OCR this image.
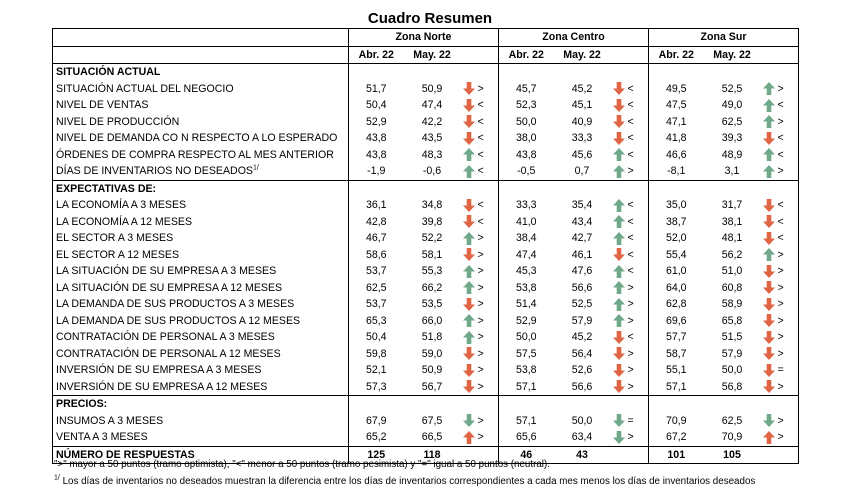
Cuadro Resumen
	Zona Norte				Zona Centro				Zona Sur			
	Abr. 22	May. 22			Abr. 22	May. 22			Abr. 22	May. 22		
SITUACIÓN ACTUAL												
SITUACIÓN ACTUAL DEL NEGOCIO	51,7	50,9		>	45,7	45,2		<	49,5	52,5		>
NIVEL DE VENTAS	50,4	47,4		<	52,3	45,1		<	47,5	49,0		<
NIVEL DE PRODUCCIÓN	52,9	42,2		<	50,0	40,9		<	47,1	62,5		>
NIVEL DE DEMANDA CO N RESPECTO A LO ESPERADO	43,8	43,5		<	38,0	33,3		<	41,8	39,3		<
ÓRDENES DE COMPRA RESPECTO AL MES ANTERIOR	43,8	48,3		<	43,8	45,6		<	46,6	48,9		<
DÍAS DE INVENTARIOS NO $DESEADOS^{1/}$	-1,9	-0,6		<	-0,5	0,7		>	-8,1	3,1		>
EXPECTATIVAS DE:												
LA ECONOMÍA A 3 MESES	36,1	34,8		<	33,3	35,4		<	35,0	31,7		<
LA ECONOMÍA A 12 MESES	42,8	39,8		<	41,0	43,4		<	38,7	38,1		<
EL SECTOR A 3 MESES	46,7	52,2		>	38,4	42,7		<	52,0	48,1		<
EL SECTOR A 12 MESES	58,6	58,1		>	47,4	46,1		<	55,4	56,2		>
LA SITUACIÓN DE SU EMPRESA A 3 MESES	53,7	55,3		>	45,3	47,6		<	61,0	51,0		>
LA SITUACIÓN DE SU EMPRESA A 12 MESES	62,5	66,2		>	53,8	56,6		>	64,0	60,8		>
LA DEMANDA DE SUS PRODUCTOS A 3 MESES	53,7	53,5		>	51,4	52,5		>	62,8	58,9		>
LA DEMANDA DE SUS PRODUCTOS A 12 MESES	65,3	66,0		>	52,9	57,9		>	69,6	65,8		>
CONTRATACIÓN DE PERSONAL A 3 MESES	50,4	51,8		>	50,0	45,2		<	57,7	51,5		>
CONTRATACIÓN DE PERSONAL A 12 MESES	59,8	59,0		>	57,5	56,4		>	58,7	57,9		>
INVERSIÓN DE SU EMPRESA A 3 MESES	52,1	50,9		>	53,8	52,6		>	55,1	50,0		=
INVERSIÓN DE SU EMPRESA A 12 MESES	57,3	56,7		>	57,1	56,6		>	57,1	56,8		>
PRECIOS:												
INSUMOS A 3 MESES	67,9	67,5		>	57,1	50,0		=	70,9	62,5		>
VENTA A 3 MESES	65,2	66,5		>	65,6	63,4		>	67,2	70,9		>
NÚMERO DE RESPUESTAS	125	118			46	43			101	105		
">" mayor a 50 puntos (tramo optimista), "<" menor a 50 puntos (tramo pesimista) y "=" igual a 50 puntos (neutral).
$^{1/}$ Los días de inventarios no deseados muestran la diferencia entre los días de inventarios correspondientes a cada mes menos los días de inventarios deseados
